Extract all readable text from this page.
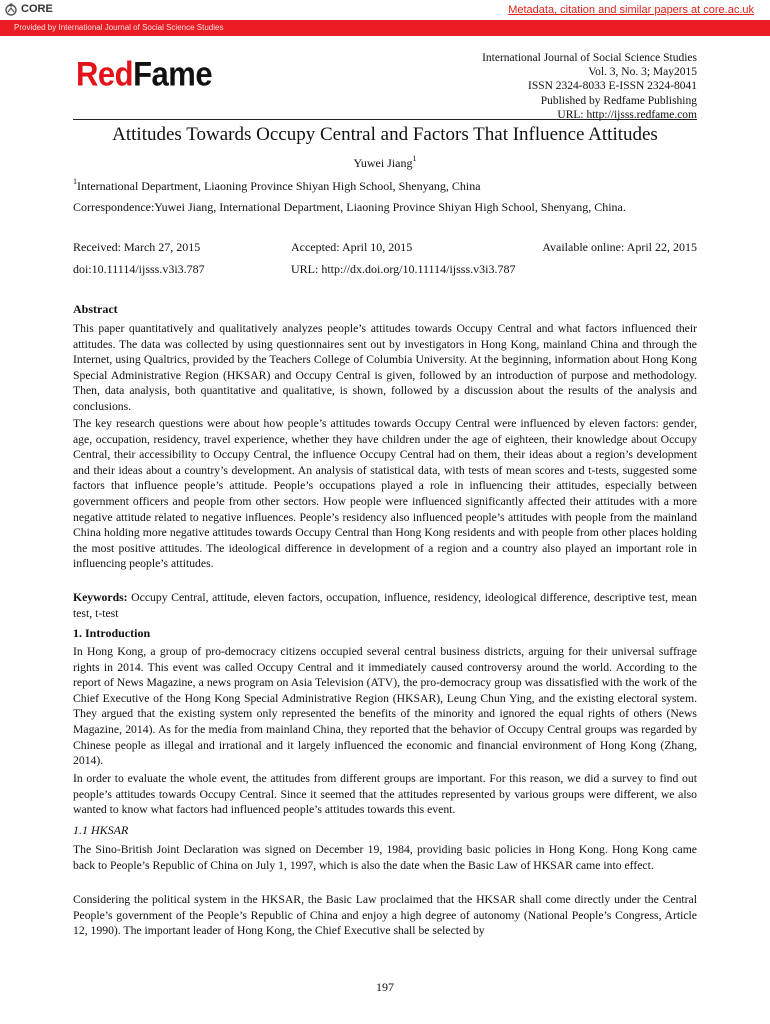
CORE	Metadata, citation and similar papers at core.ac.uk
Provided by International Journal of Social Science Studies
RedFame	International Journal of Social Science Studies
Vol. 3, No. 3; May2015
ISSN 2324-8033 E-ISSN 2324-8041
Published by Redfame Publishing
URL: http://ijsss.redfame.com
Attitudes Towards Occupy Central and Factors That Influence Attitudes
Yuwei Jiang$^1$
$^1$International Department, Liaoning Province Shiyan High School, Shenyang, China
Correspondence:Yuwei Jiang, International Department, Liaoning Province Shiyan High School, Shenyang, China.
Received: March 27, 2015	Accepted: April 10, 2015	Available online: April 22, 2015
doi:10.11114/ijsss.v3i3.787	URL: http://dx.doi.org/10.11114/ijsss.v3i3.787
Abstract
This paper quantitatively and qualitatively analyzes people’s attitudes towards Occupy Central and what factors influenced their attitudes. The data was collected by using questionnaires sent out by investigators in Hong Kong, mainland China and through the Internet, using Qualtrics, provided by the Teachers College of Columbia University. At the beginning, information about Hong Kong Special Administrative Region (HKSAR) and Occupy Central is given, followed by an introduction of purpose and methodology. Then, data analysis, both quantitative and qualitative, is shown, followed by a discussion about the results of the analysis and conclusions.
The key research questions were about how people’s attitudes towards Occupy Central were influenced by eleven factors: gender, age, occupation, residency, travel experience, whether they have children under the age of eighteen, their knowledge about Occupy Central, their accessibility to Occupy Central, the influence Occupy Central had on them, their ideas about a region’s development and their ideas about a country’s development. An analysis of statistical data, with tests of mean scores and t-tests, suggested some factors that influence people’s attitude. People’s occupations played a role in influencing their attitudes, especially between government officers and people from other sectors. How people were influenced significantly affected their attitudes with a more negative attitude related to negative influences. People’s residency also influenced people’s attitudes with people from the mainland China holding more negative attitudes towards Occupy Central than Hong Kong residents and with people from other places holding the most positive attitudes. The ideological difference in development of a region and a country also played an important role in influencing people’s attitudes.
Keywords: Occupy Central, attitude, eleven factors, occupation, influence, residency, ideological difference, descriptive test, mean test, t-test
1. Introduction
In Hong Kong, a group of pro-democracy citizens occupied several central business districts, arguing for their universal suffrage rights in 2014. This event was called Occupy Central and it immediately caused controversy around the world. According to the report of News Magazine, a news program on Asia Television (ATV), the pro-democracy group was dissatisfied with the work of the Chief Executive of the Hong Kong Special Administrative Region (HKSAR), Leung Chun Ying, and the existing electoral system. They argued that the existing system only represented the benefits of the minority and ignored the equal rights of others (News Magazine, 2014). As for the media from mainland China, they reported that the behavior of Occupy Central groups was regarded by Chinese people as illegal and irrational and it largely influenced the economic and financial environment of Hong Kong (Zhang, 2014).
In order to evaluate the whole event, the attitudes from different groups are important. For this reason, we did a survey to find out people’s attitudes towards Occupy Central. Since it seemed that the attitudes represented by various groups were different, we also wanted to know what factors had influenced people’s attitudes towards this event.
1.1 HKSAR
The Sino-British Joint Declaration was signed on December 19, 1984, providing basic policies in Hong Kong. Hong Kong came back to People’s Republic of China on July 1, 1997, which is also the date when the Basic Law of HKSAR came into effect.
Considering the political system in the HKSAR, the Basic Law proclaimed that the HKSAR shall come directly under the Central People’s government of the People’s Republic of China and enjoy a high degree of autonomy (National People’s Congress, Article 12, 1990). The important leader of Hong Kong, the Chief Executive shall be selected by
197
